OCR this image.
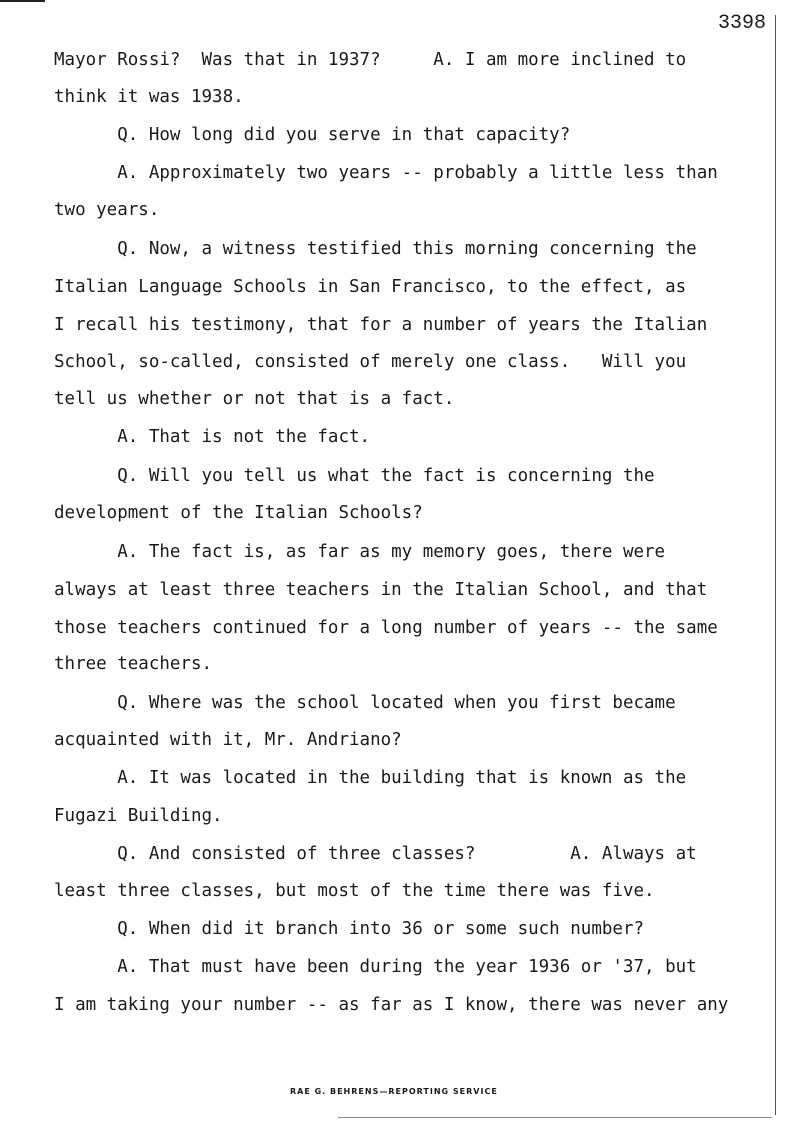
3398
Mayor Rossi?  Was that in 1937?     A. I am more inclined to
think it was 1938.
Q. How long did you serve in that capacity?
A. Approximately two years -- probably a little less than
two years.
Q. Now, a witness testified this morning concerning the
Italian Language Schools in San Francisco, to the effect, as
I recall his testimony, that for a number of years the Italian
School, so-called, consisted of merely one class.   Will you
tell us whether or not that is a fact.
A. That is not the fact.
Q. Will you tell us what the fact is concerning the
development of the Italian Schools?
A. The fact is, as far as my memory goes, there were
always at least three teachers in the Italian School, and that
those teachers continued for a long number of years -- the same
three teachers.
Q. Where was the school located when you first became
acquainted with it, Mr. Andriano?
A. It was located in the building that is known as the
Fugazi Building.
Q. And consisted of three classes?         A. Always at
least three classes, but most of the time there was five.
Q. When did it branch into 36 or some such number?
A. That must have been during the year 1936 or '37, but
I am taking your number -- as far as I know, there was never any
RAE G. BEHRENS—REPORTING SERVICE
